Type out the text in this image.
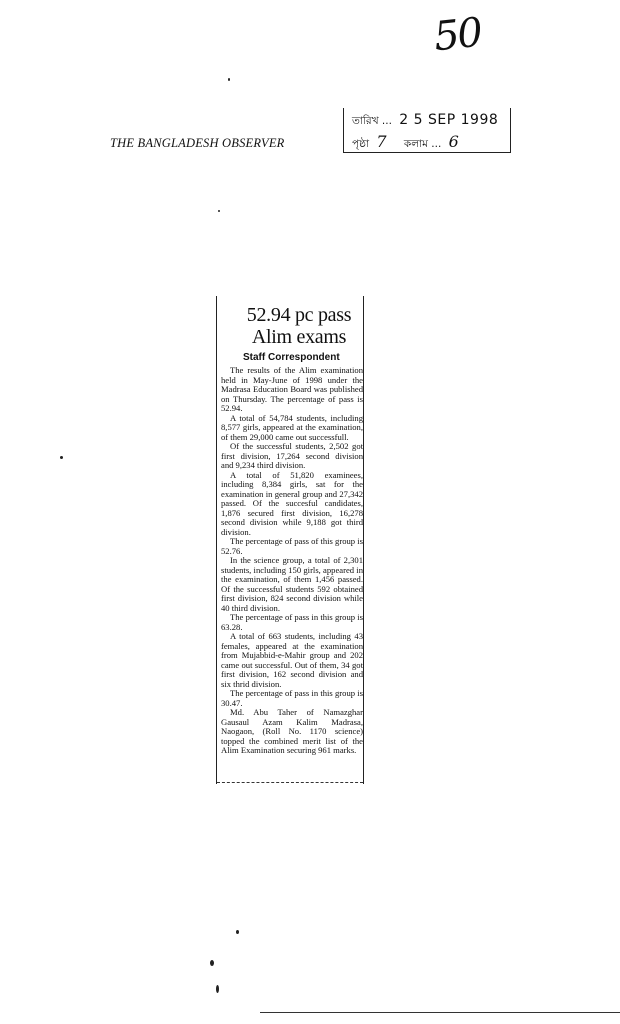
50
THE BANGLADESH OBSERVER
তারিখ ... 2 5 SEP 1998
পৃষ্ঠা 7 কলাম ... 6
52.94 pc pass Alim exams
Staff Correspondent

The results of the Alim examination held in May-June of 1998 under the Madrasa Education Board was published on Thursday. The percentage of pass is 52.94.

A total of 54,784 students, including 8,577 girls, appeared at the examination, of them 29,000 came out successfull.

Of the successful students, 2,502 got first division, 17,264 second division and 9,234 third division.

A total of 51,820 examinees, including 8,384 girls, sat for the examination in general group and 27,342 passed. Of the succesful candidates, 1,876 secured first division, 16,278 second division while 9,188 got third division.

The percentage of pass of this group is 52.76.

In the science group, a total of 2,301 students, including 150 girls, appeared in the examination, of them 1,456 passed. Of the successful students 592 obtained first division, 824 second division while 40 third division.

The percentage of pass in this group is 63.28.

A total of 663 students, including 43 females, appeared at the examination from Mujabbid-e-Mahir group and 202 came out successful. Out of them, 34 got first division, 162 second division and six thrid division.

The percentage of pass in this group is 30.47.

Md. Abu Taher of Namazghar Gausaul Azam Kalim Madrasa, Naogaon, (Roll No. 1170 science) topped the combined merit list of the Alim Examination securing 961 marks.
